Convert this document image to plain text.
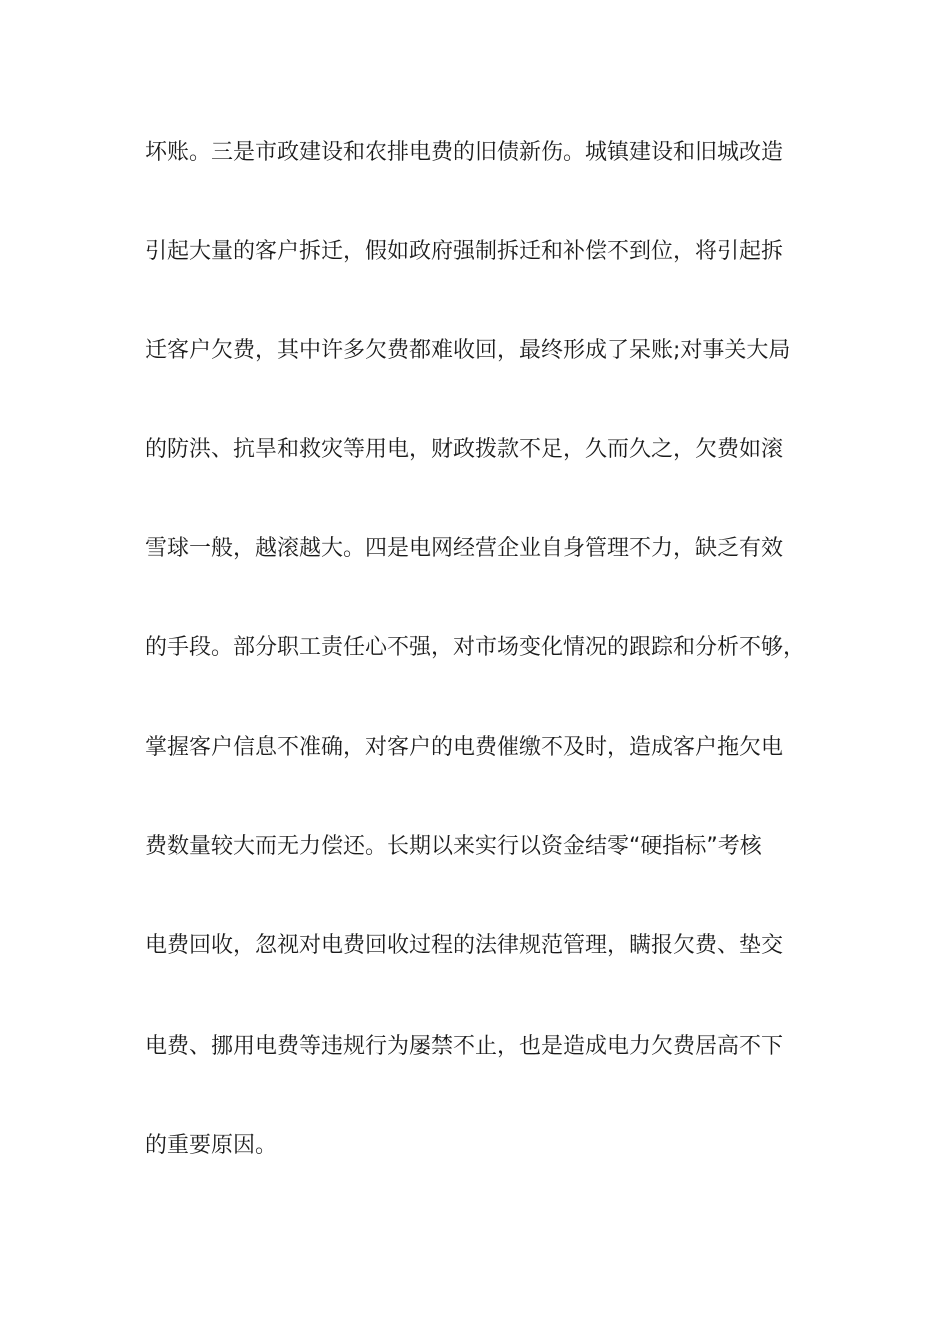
坏账。三是市政建设和农排电费的旧债新伤。城镇建设和旧城改造
引起大量的客户拆迁，假如政府强制拆迁和补偿不到位，将引起拆
迁客户欠费，其中许多欠费都难收回，最终形成了呆账;对事关大局
的防洪、抗旱和救灾等用电，财政拨款不足，久而久之，欠费如滚
雪球一般，越滚越大。四是电网经营企业自身管理不力，缺乏有效
的手段。部分职工责任心不强，对市场变化情况的跟踪和分析不够，
掌握客户信息不准确，对客户的电费催缴不及时，造成客户拖欠电
费数量较大而无力偿还。长期以来实行以资金结零“硬指标”考核
电费回收，忽视对电费回收过程的法律规范管理，瞒报欠费、垫交
电费、挪用电费等违规行为屡禁不止，也是造成电力欠费居高不下
的重要原因。
